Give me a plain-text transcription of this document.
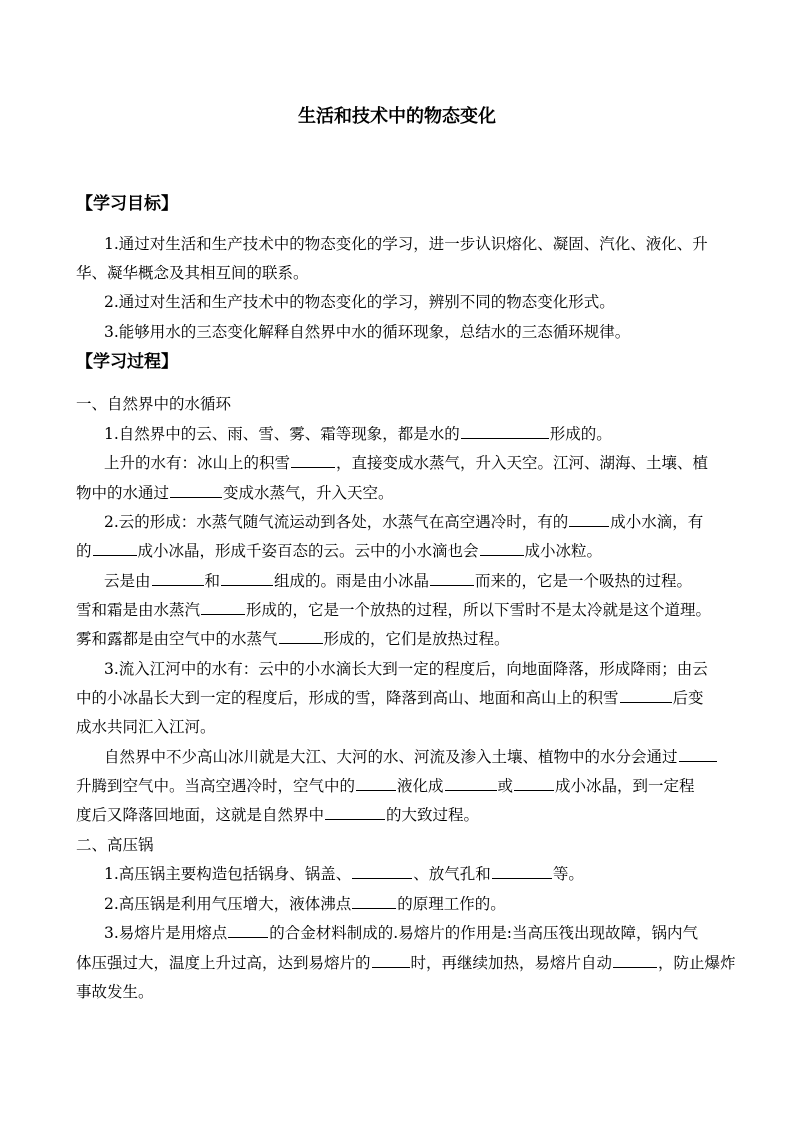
生活和技术中的物态变化
【学习目标】
1.通过对生活和生产技术中的物态变化的学习，进一步认识熔化、凝固、汽化、液化、升
华、凝华概念及其相互间的联系。
2.通过对生活和生产技术中的物态变化的学习，辨别不同的物态变化形式。
3.能够用水的三态变化解释自然界中水的循环现象，总结水的三态循环规律。
【学习过程】
一、自然界中的水循环
1.自然界中的云、雨、雪、雾、霜等现象，都是水的	形成的。
上升的水有：冰山上的积雪	，直接变成水蒸气，升入天空。江河、湖海、土壤、植
物中的水通过	变成水蒸气，升入天空。
2.云的形成：水蒸气随气流运动到各处，水蒸气在高空遇冷时，有的	成小水滴，有
的	成小冰晶，形成千姿百态的云。云中的小水滴也会	成小冰粒。
云是由	和	组成的。雨是由小冰晶	而来的，它是一个吸热的过程。
雪和霜是由水蒸汽	形成的，它是一个放热的过程，所以下雪时不是太冷就是这个道理。
雾和露都是由空气中的水蒸气	形成的，它们是放热过程。
3.流入江河中的水有：云中的小水滴长大到一定的程度后，向地面降落，形成降雨；由云
中的小冰晶长大到一定的程度后，形成的雪，降落到高山、地面和高山上的积雪	后变
成水共同汇入江河。
自然界中不少高山冰川就是大江、大河的水、河流及渗入土壤、植物中的水分会通过
升腾到空气中。当高空遇冷时，空气中的	液化成	或	成小冰晶，到一定程
度后又降落回地面，这就是自然界中	的大致过程。
二、高压锅
1.高压锅主要构造包括锅身、锅盖、	、放气孔和	等。
2.高压锅是利用气压增大，液体沸点	的原理工作的。
3.易熔片是用熔点	的合金材料制成的.易熔片的作用是:当高压筏出现故障，锅内气
体压强过大，温度上升过高，达到易熔片的	时，再继续加热，易熔片自动	，防止爆炸
事故发生。
